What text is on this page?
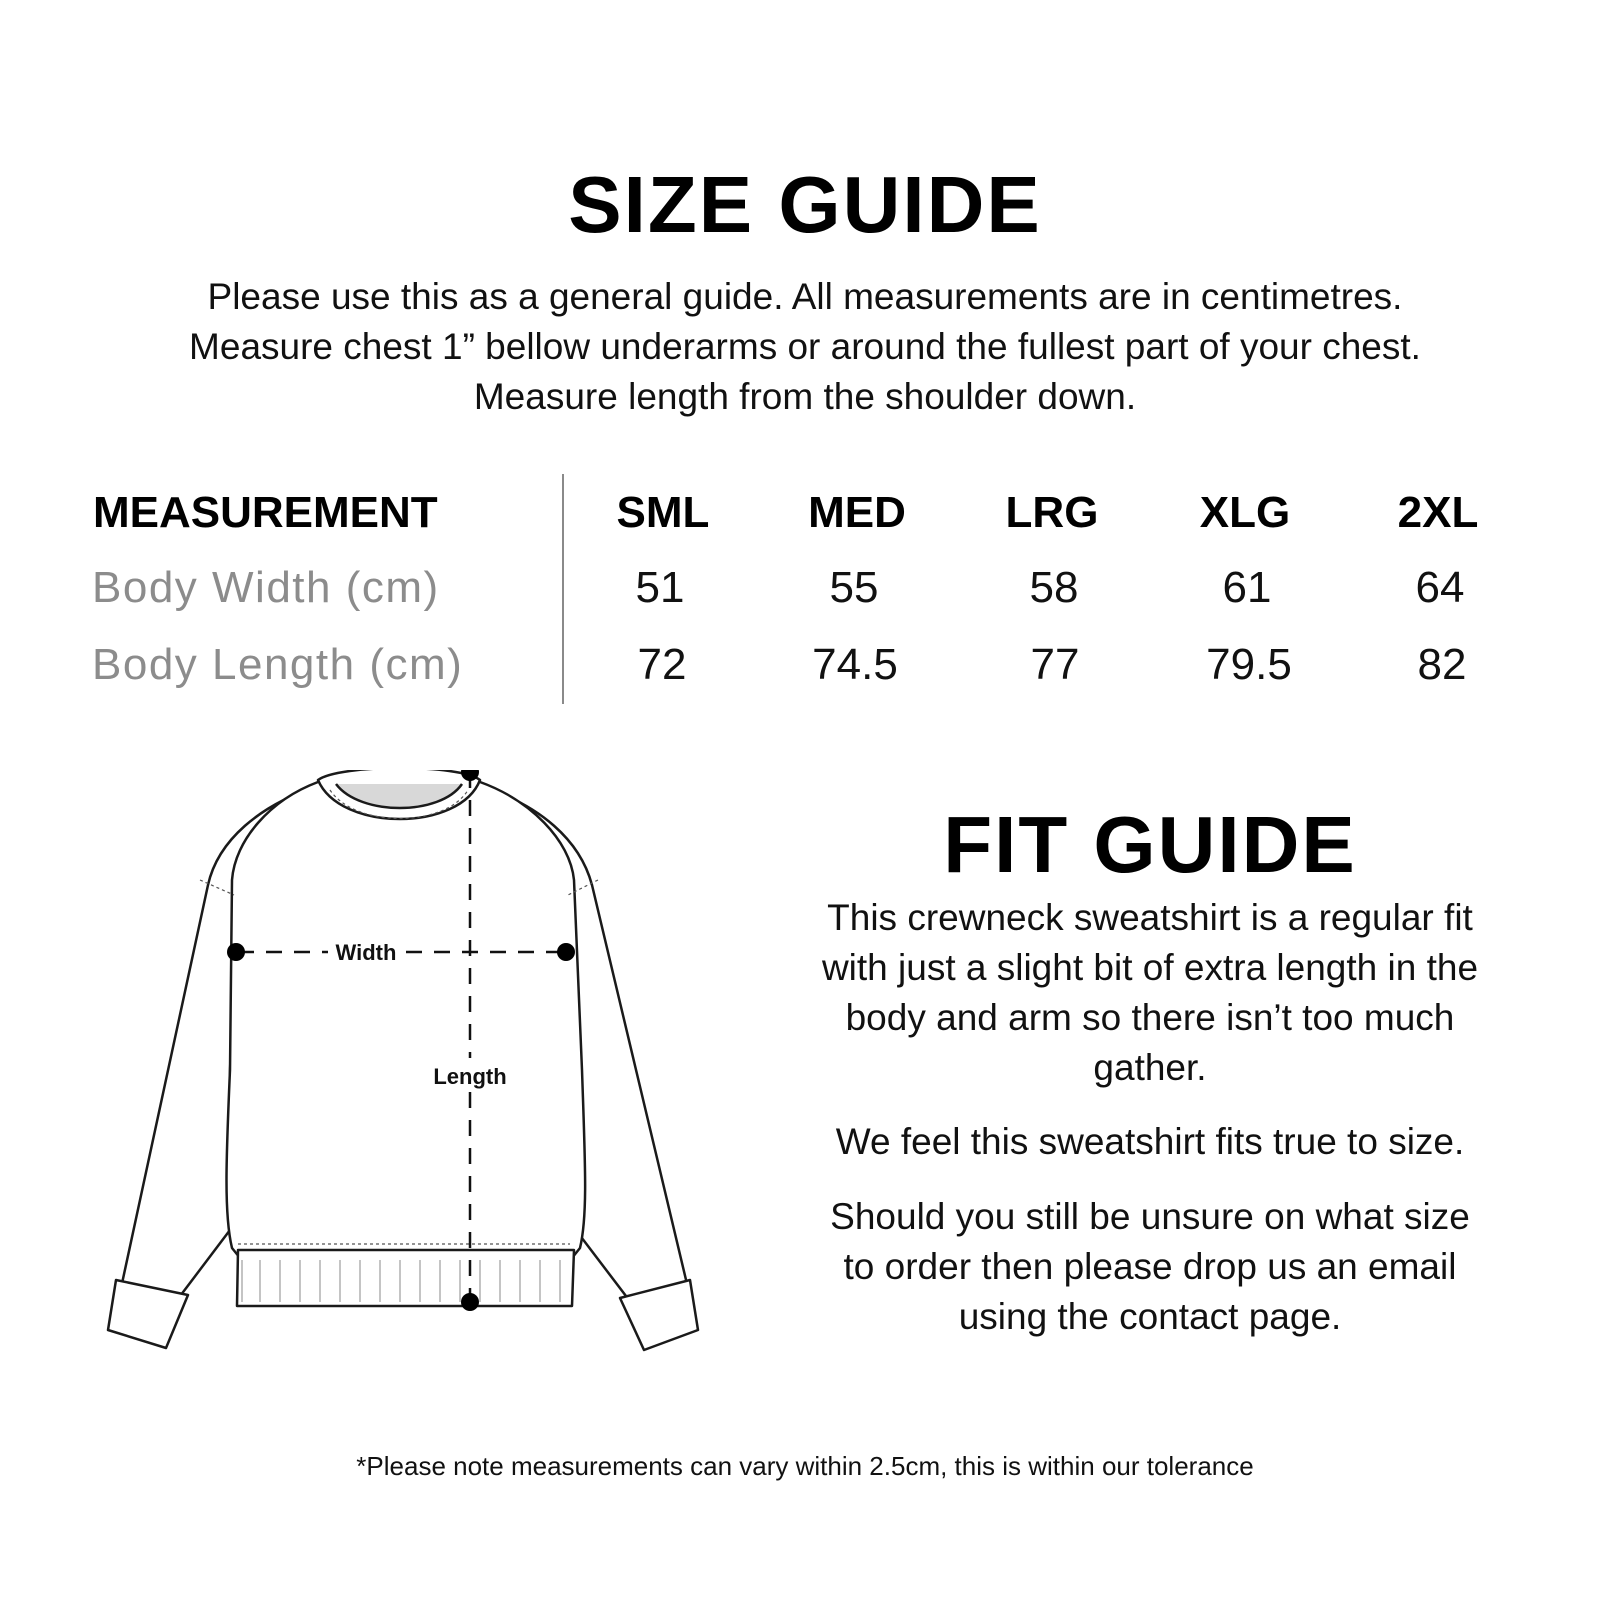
SIZE GUIDE
Please use this as a general guide. All measurements are in centimetres.
Measure chest 1” bellow underarms or around the fullest part of your chest.
Measure length from the shoulder down.
MEASUREMENT	SML	MED	LRG	XLG	2XL
Body Width (cm)	51	55	58	61	64
Body Length (cm)	72	74.5	77	79.5	82
Width
Length
FIT GUIDE
This crewneck sweatshirt is a regular fit
with just a slight bit of extra length in the
body and arm so there isn’t too much
gather.
We feel this sweatshirt fits true to size.
Should you still be unsure on what size
to order then please drop us an email
using the contact page.
*Please note measurements can vary within 2.5cm, this is within our tolerance
